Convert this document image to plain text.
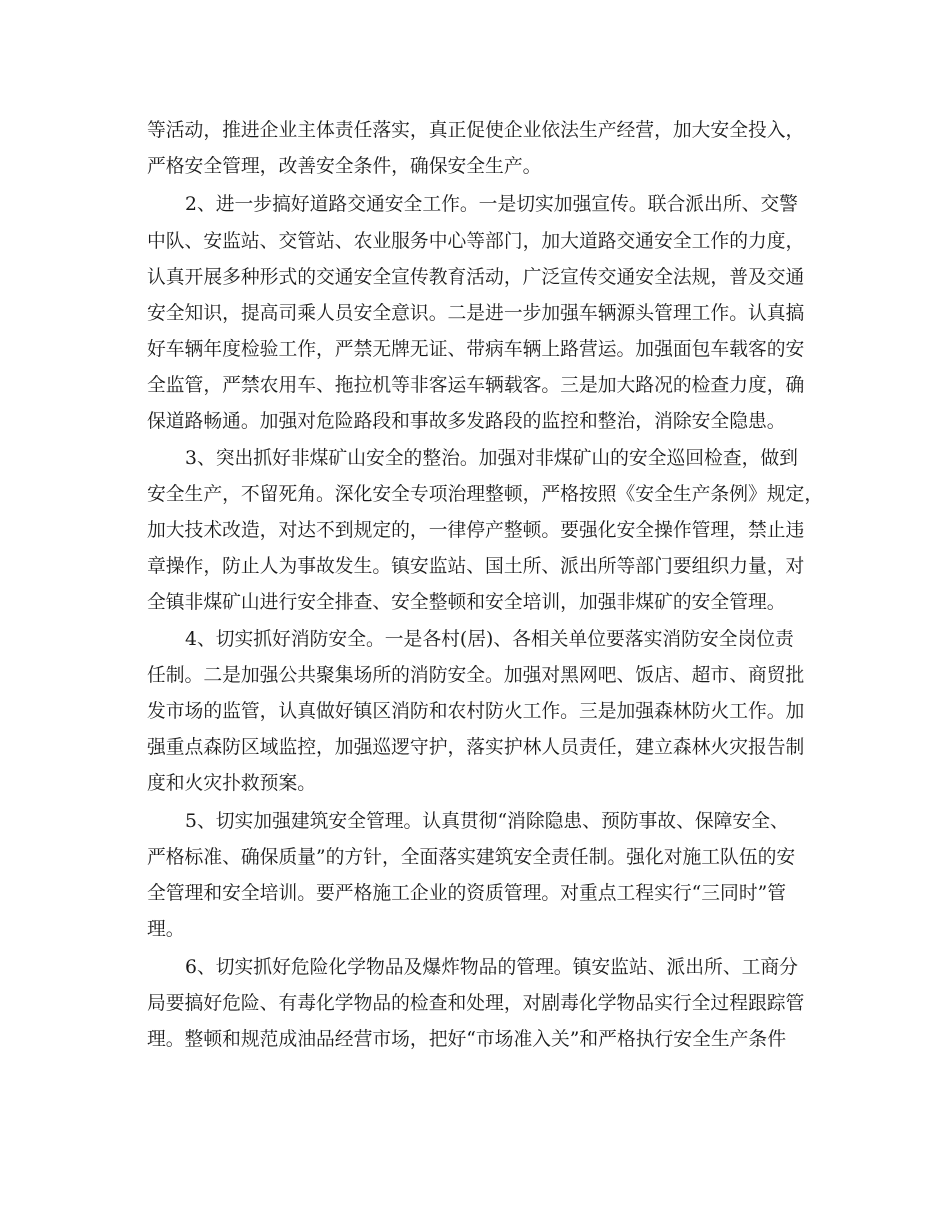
等活动，推进企业主体责任落实，真正促使企业依法生产经营，加大安全投入，
严格安全管理，改善安全条件，确保安全生产。
2、进一步搞好道路交通安全工作。一是切实加强宣传。联合派出所、交警
中队、安监站、交管站、农业服务中心等部门，加大道路交通安全工作的力度，
认真开展多种形式的交通安全宣传教育活动，广泛宣传交通安全法规，普及交通
安全知识，提高司乘人员安全意识。二是进一步加强车辆源头管理工作。认真搞
好车辆年度检验工作，严禁无牌无证、带病车辆上路营运。加强面包车载客的安
全监管，严禁农用车、拖拉机等非客运车辆载客。三是加大路况的检查力度，确
保道路畅通。加强对危险路段和事故多发路段的监控和整治，消除安全隐患。
3、突出抓好非煤矿山安全的整治。加强对非煤矿山的安全巡回检查，做到
安全生产，不留死角。深化安全专项治理整顿，严格按照《安全生产条例》规定，
加大技术改造，对达不到规定的，一律停产整顿。要强化安全操作管理，禁止违
章操作，防止人为事故发生。镇安监站、国土所、派出所等部门要组织力量，对
全镇非煤矿山进行安全排查、安全整顿和安全培训，加强非煤矿的安全管理。
4、切实抓好消防安全。一是各村(居)、各相关单位要落实消防安全岗位责
任制。二是加强公共聚集场所的消防安全。加强对黑网吧、饭店、超市、商贸批
发市场的监管，认真做好镇区消防和农村防火工作。三是加强森林防火工作。加
强重点森防区域监控，加强巡逻守护，落实护林人员责任，建立森林火灾报告制
度和火灾扑救预案。
5、切实加强建筑安全管理。认真贯彻“消除隐患、预防事故、保障安全、
严格标准、确保质量”的方针，全面落实建筑安全责任制。强化对施工队伍的安
全管理和安全培训。要严格施工企业的资质管理。对重点工程实行“三同时”管
理。
6、切实抓好危险化学物品及爆炸物品的管理。镇安监站、派出所、工商分
局要搞好危险、有毒化学物品的检查和处理，对剧毒化学物品实行全过程跟踪管
理。整顿和规范成油品经营市场，把好“市场准入关”和严格执行安全生产条件
